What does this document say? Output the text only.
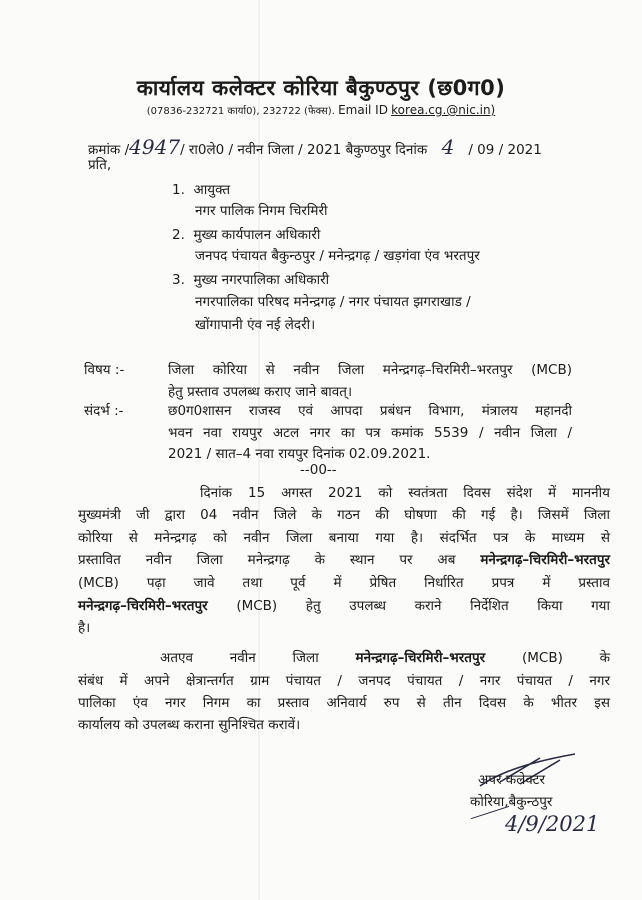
कार्यालय कलेक्टर कोरिया बैकुण्ठपुर (छ0ग0)
(07836-232721 कार्या0), 232722 (फेक्स). Email ID korea.cg.@nic.in)
क्रमांक /4947/ रा0ले0 / नवीन जिला / 2021 बैकुण्ठपुर दिनांक 4 / 09 / 2021
प्रति,
1. आयुक्त
नगर पालिक निगम चिरमिरी
2. मुख्य कार्यपालन अधिकारी
जनपद पंचायत बैकुन्ठपुर / मनेन्द्रगढ़ / खड़गंवा एंव भरतपुर
3. मुख्य नगरपालिका अधिकारी
नगरपालिका परिषद मनेन्द्रगढ़ / नगर पंचायत झगराखाड /
खोंगापानी एंव नई लेदरी।
विषय :-	जिला कोरिया से नवीन जिला मनेन्द्रगढ़–चिरमिरी–भरतपुर (MCB)
हेतु प्रस्ताव उपलब्ध कराए जाने बावत्।
संदर्भ :-	छ0ग0शासन राजस्व एवं आपदा प्रबंधन विभाग, मंत्रालय महानदी
भवन नवा रायपुर अटल नगर का पत्र कमांक 5539 / नवीन जिला /
2021 / सात–4 नवा रायपुर दिनांक 02.09.2021.
--00--
दिनांक 15 अगस्त 2021 को स्वतंत्रता दिवस संदेश में माननीय
मुख्यमंत्री जी द्वारा 04 नवीन जिले के गठन की घोषणा की गई है। जिसमें जिला
कोरिया से मनेन्द्रगढ़ को नवीन जिला बनाया गया है। संदर्भित पत्र के माध्यम से
प्रस्तावित नवीन जिला मनेन्द्रगढ़ के स्थान पर अब मनेन्द्रगढ़–चिरमिरी–भरतपुर
(MCB) पढ़ा जावे तथा पूर्व में प्रेषित निर्धारित प्रपत्र में प्रस्ताव
मनेन्द्रगढ़–चिरमिरी–भरतपुर (MCB) हेतु उपलब्ध कराने निर्देशित किया गया
है।
अतएव नवीन जिला	मनेन्द्रगढ़–चिरमिरी–भरतपुर	(MCB) के
संबंध में अपने क्षेत्रान्तर्गत ग्राम पंचायत / जनपद पंचायत / नगर पंचायत / नगर
पालिका एंव नगर निगम का प्रस्ताव अनिवार्य रुप से तीन दिवस के भीतर इस
कार्यालय को उपलब्ध कराना सुनिश्चित करावें।
अपर कलेक्टर
कोरिया,बैकुन्ठपुर
4/9/2021
